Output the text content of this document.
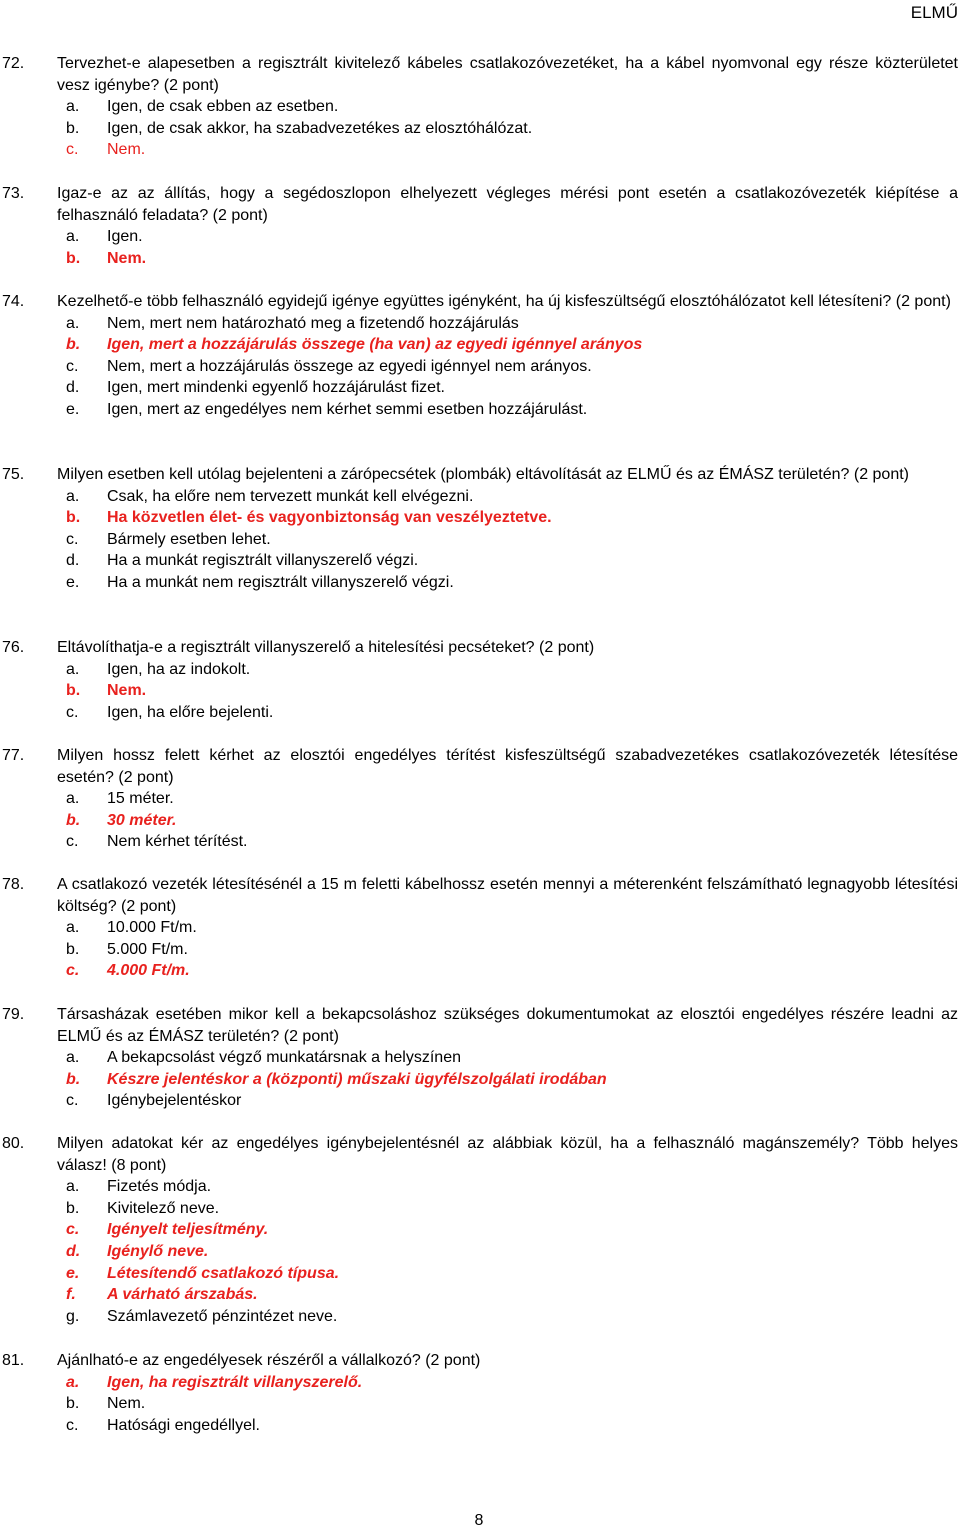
ELMŰ
72.	Tervezhet-e alapesetben a regisztrált kivitelező kábeles csatlakozóvezetéket, ha a kábel nyomvonal egy része közterületet vesz igénybe? (2 pont)
a.	Igen, de csak ebben az esetben.
b.	Igen, de csak akkor, ha szabadvezetékes az elosztóhálózat.
c.	Nem.
73.	Igaz-e az az állítás, hogy a segédoszlopon elhelyezett végleges mérési pont esetén a csatlakozóvezeték kiépítése a felhasználó feladata? (2 pont)
a.	Igen.
b.	Nem.
74.	Kezelhető-e több felhasználó egyidejű igénye együttes igényként, ha új kisfeszültségű elosztóhálózatot kell létesíteni? (2 pont)
a.	Nem, mert nem határozható meg a fizetendő hozzájárulás
b.	Igen, mert a hozzájárulás összege (ha van) az egyedi igénnyel arányos
c.	Nem, mert a hozzájárulás összege az egyedi igénnyel nem arányos.
d.	Igen, mert mindenki egyenlő hozzájárulást fizet.
e.	Igen, mert az engedélyes nem kérhet semmi esetben hozzájárulást.
75.	Milyen esetben kell utólag bejelenteni a zárópecsétek (plombák) eltávolítását az ELMŰ és az ÉMÁSZ területén? (2 pont)
a.	Csak, ha előre nem tervezett munkát kell elvégezni.
b.	Ha közvetlen élet- és vagyonbiztonság van veszélyeztetve.
c.	Bármely esetben lehet.
d.	Ha a munkát regisztrált villanyszerelő végzi.
e.	Ha a munkát nem regisztrált villanyszerelő végzi.
76.	Eltávolíthatja-e a regisztrált villanyszerelő a hitelesítési pecséteket? (2 pont)
a.	Igen, ha az indokolt.
b.	Nem.
c.	Igen, ha előre bejelenti.
77.	Milyen hossz felett kérhet az elosztói engedélyes térítést kisfeszültségű szabadvezetékes csatlakozóvezeték létesítése esetén? (2 pont)
a.	15 méter.
b.	30 méter.
c.	Nem kérhet térítést.
78.	A csatlakozó vezeték létesítésénél a 15 m feletti kábelhossz esetén mennyi a méterenként felszámítható legnagyobb létesítési költség? (2 pont)
a.	10.000 Ft/m.
b.	5.000 Ft/m.
c.	4.000 Ft/m.
79.	Társasházak esetében mikor kell a bekapcsoláshoz szükséges dokumentumokat az elosztói engedélyes részére leadni az ELMŰ és az ÉMÁSZ területén? (2 pont)
a.	A bekapcsolást végző munkatársnak a helyszínen
b.	Készre jelentéskor a (központi) műszaki ügyfélszolgálati irodában
c.	Igénybejelentéskor
80.	Milyen adatokat kér az engedélyes igénybejelentésnél az alábbiak közül, ha a felhasználó magánszemély? Több helyes válasz! (8 pont)
a.	Fizetés módja.
b.	Kivitelező neve.
c.	Igényelt teljesítmény.
d.	Igénylő neve.
e.	Létesítendő csatlakozó típusa.
f.	A várható árszabás.
g.	Számlavezető pénzintézet neve.
81.	Ajánlható-e az engedélyesek részéről a vállalkozó? (2 pont)
a.	Igen, ha regisztrált villanyszerelő.
b.	Nem.
c.	Hatósági engedéllyel.
8
